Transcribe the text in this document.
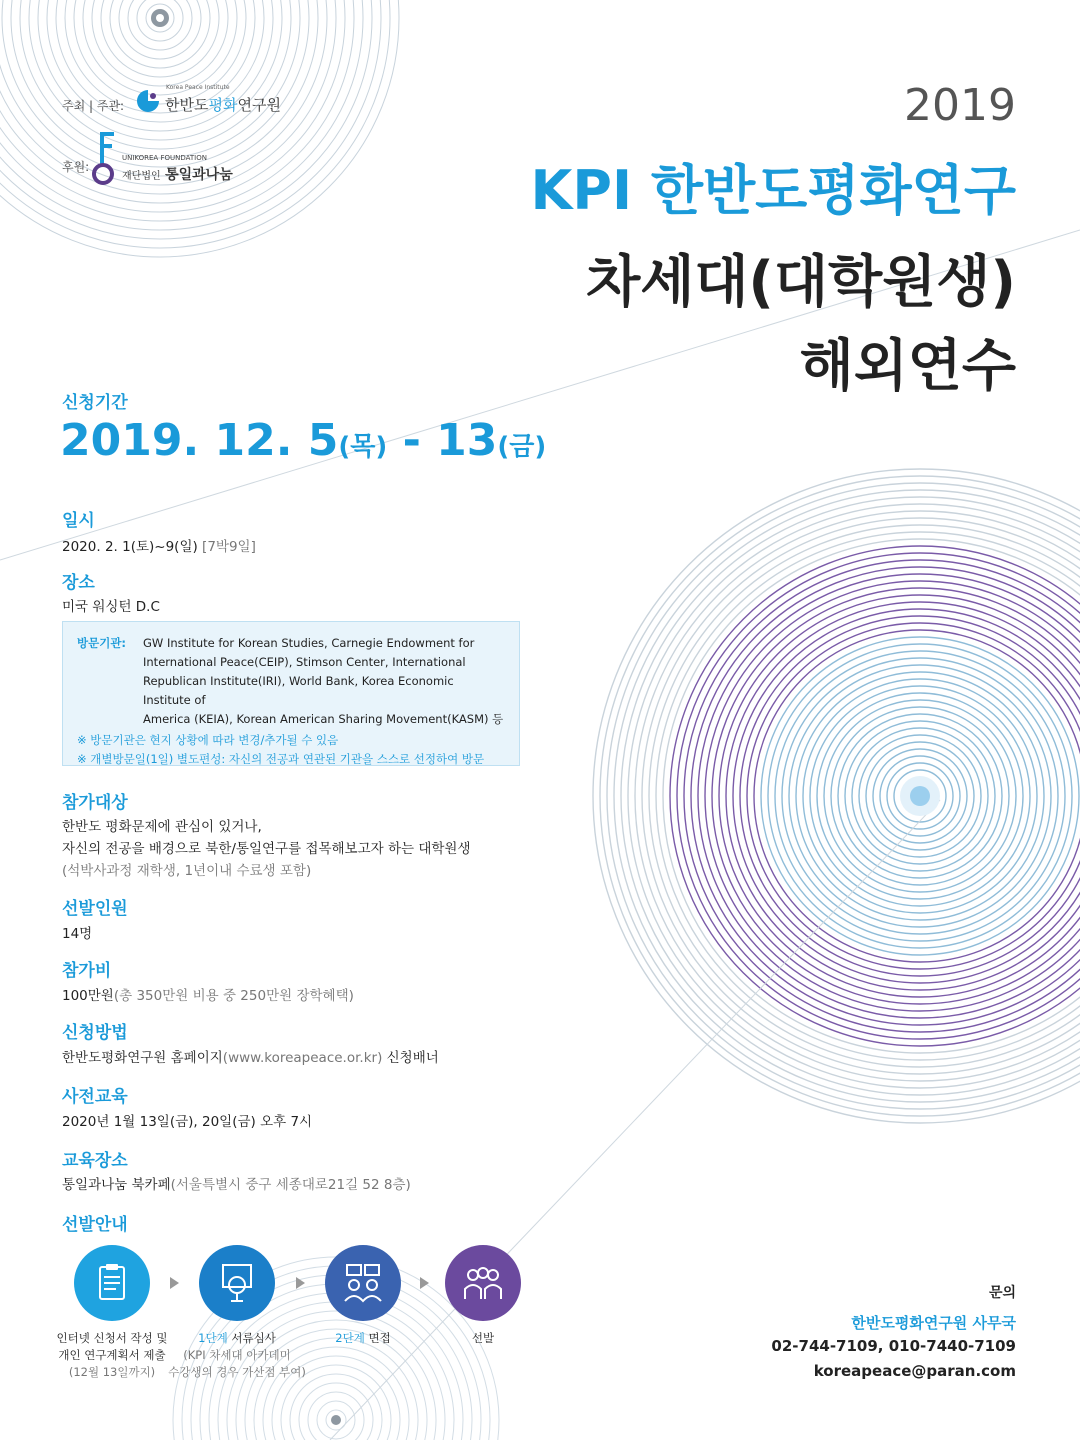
주최 | 주관:
Korea Peace Institute
한반도평화연구원
후원:
UNIKOREA FOUNDATION
재단법인 통일과나눔
2019
KPI 한반도평화연구
차세대(대학원생)
해외연수
신청기간
2019. 12. 5(목) - 13(금)
일시
2020. 2. 1(토)~9(일) [7박9일]
장소
미국 워싱턴 D.C
방문기관:	GW Institute for Korean Studies, Carnegie Endowment for
International Peace(CEIP), Stimson Center, International
Republican Institute(IRI), World Bank, Korea Economic Institute of
America (KEIA), Korean American Sharing Movement(KASM) 등
※ 방문기관은 현지 상황에 따라 변경/추가될 수 있음
※ 개별방문일(1일) 별도편성: 자신의 전공과 연관된 기관을 스스로 선정하여 방문
참가대상
한반도 평화문제에 관심이 있거나,
자신의 전공을 배경으로 북한/통일연구를 접목해보고자 하는 대학원생
(석박사과정 재학생, 1년이내 수료생 포함)
선발인원
14명
참가비
100만원(총 350만원 비용 중 250만원 장학혜택)
신청방법
한반도평화연구원 홈페이지(www.koreapeace.or.kr) 신청배너
사전교육
2020년 1월 13일(금), 20일(금) 오후 7시
교육장소
통일과나눔 북카페(서울특별시 중구 세종대로21길 52 8층)
선발안내
인터넷 신청서 작성 및
개인 연구계획서 제출
(12월 13일까지)
1단계 서류심사
(KPI 차세대 아카데미
수강생의 경우 가산점 부여)
2단계 면접	선발
문의
한반도평화연구원 사무국
02-744-7109, 010-7440-7109
koreapeace@paran.com
